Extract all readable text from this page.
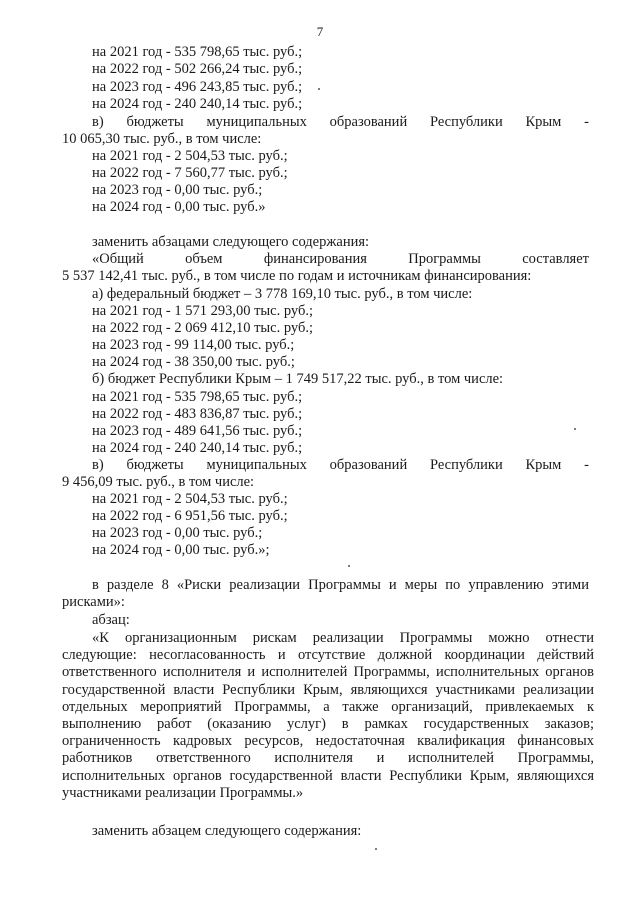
7
на 2021 год - 535 798,65 тыс. руб.;
на 2022 год - 502 266,24 тыс. руб.;
на 2023 год - 496 243,85 тыс. руб.;
на 2024 год - 240 240,14 тыс. руб.;
в) бюджеты муниципальных образований Республики Крым -
10 065,30 тыс. руб., в том числе:
на 2021 год - 2 504,53 тыс. руб.;
на 2022 год - 7 560,77 тыс. руб.;
на 2023 год - 0,00 тыс. руб.;
на 2024 год - 0,00 тыс. руб.»
заменить абзацами следующего содержания:
«Общий	объем	финансирования	Программы	составляет
5 537 142,41 тыс. руб., в том числе по годам и источникам финансирования:
а) федеральный бюджет – 3 778 169,10 тыс. руб., в том числе:
на 2021 год - 1 571 293,00 тыс. руб.;
на 2022 год - 2 069 412,10 тыс. руб.;
на 2023 год - 99 114,00 тыс. руб.;
на 2024 год - 38 350,00 тыс. руб.;
б) бюджет Республики Крым – 1 749 517,22 тыс. руб., в том числе:
на 2021 год - 535 798,65 тыс. руб.;
на 2022 год - 483 836,87 тыс. руб.;
на 2023 год - 489 641,56 тыс. руб.;
на 2024 год - 240 240,14 тыс. руб.;
в) бюджеты муниципальных образований Республики Крым -
9 456,09 тыс. руб., в том числе:
на 2021 год - 2 504,53 тыс. руб.;
на 2022 год - 6 951,56 тыс. руб.;
на 2023 год - 0,00 тыс. руб.;
на 2024 год - 0,00 тыс. руб.»;
в разделе 8 «Риски реализации Программы и меры по управлению этими
рисками»:
абзац:
«К организационным рискам реализации Программы можно отнести следующие: несогласованность и отсутствие должной координации действий ответственного исполнителя и исполнителей Программы, исполнительных органов государственной власти Республики Крым, являющихся участниками реализации отдельных мероприятий Программы, а также организаций, привлекаемых к выполнению работ (оказанию услуг) в рамках государственных заказов; ограниченность кадровых ресурсов, недостаточная квалификация финансовых работников ответственного исполнителя и исполнителей Программы, исполнительных органов государственной власти Республики Крым, являющихся участниками реализации Программы.»
заменить абзацем следующего содержания:
